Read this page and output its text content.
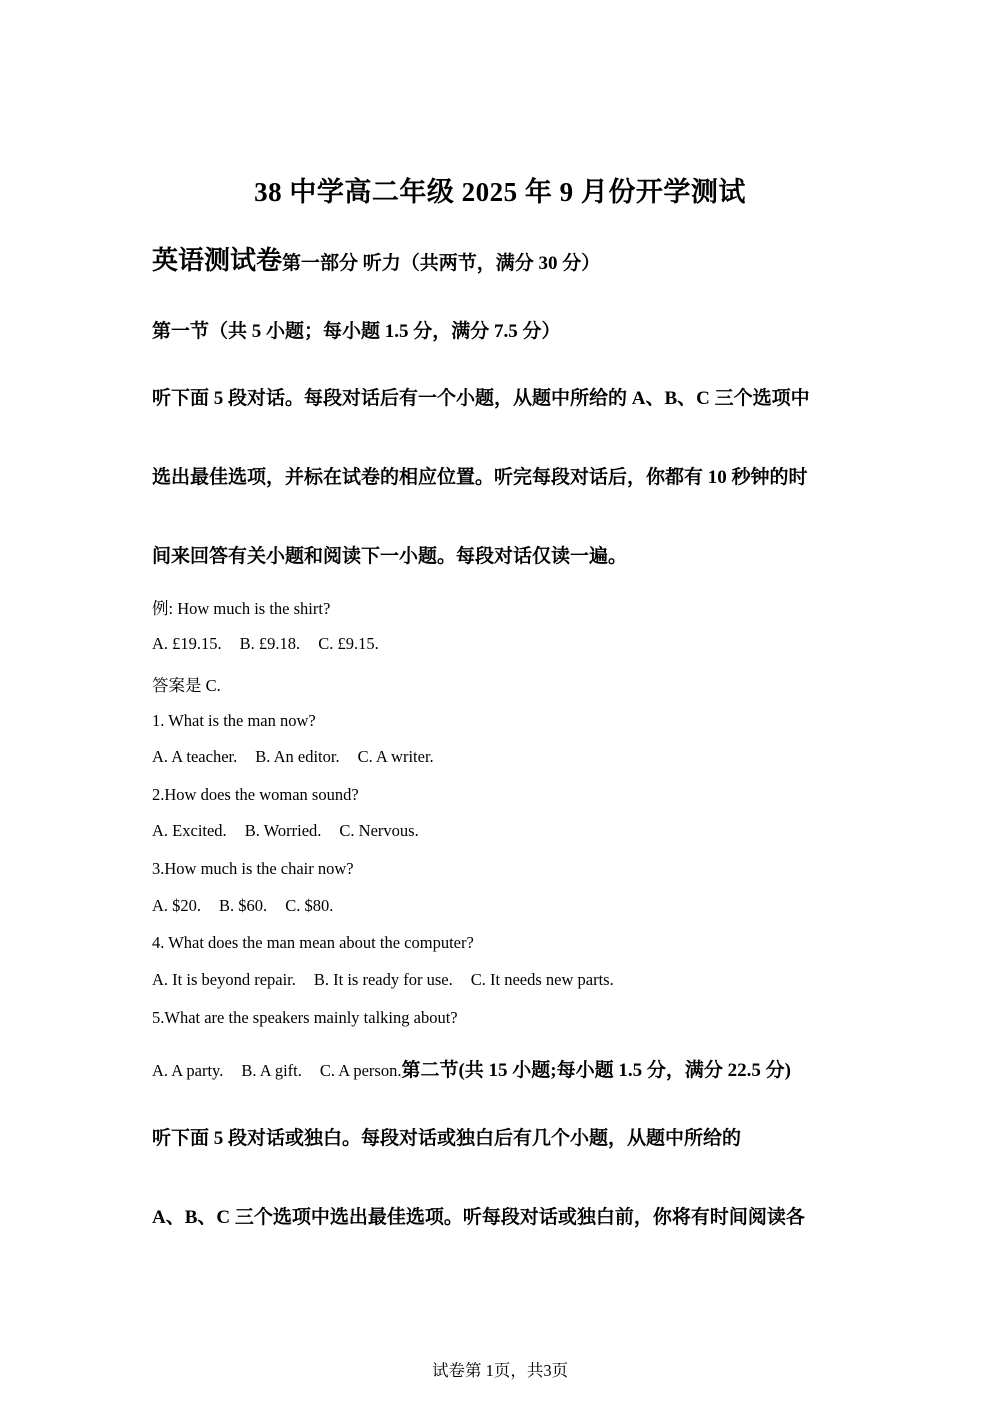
38 中学高二年级 2025 年 9 月份开学测试
英语测试卷第一部分 听力（共两节，满分 30 分）
第一节（共 5 小题；每小题 1.5 分，满分 7.5 分）
听下面 5 段对话。每段对话后有一个小题，从题中所给的 A、B、C 三个选项中
选出最佳选项，并标在试卷的相应位置。听完每段对话后，你都有 10 秒钟的时
间来回答有关小题和阅读下一小题。每段对话仅读一遍。
例: How much is the shirt?
A. £19.15. B. £9.18. C. £9.15.
答案是 C.
1. What is the man now?
A. A teacher. B. An editor. C. A writer.
2.How does the woman sound?
A. Excited. B. Worried. C. Nervous.
3.How much is the chair now?
A. $20. B. $60. C. $80.
4. What does the man mean about the computer?
A. It is beyond repair. B. It is ready for use. C. It needs new parts.
5.What are the speakers mainly talking about?
A. A party. B. A gift. C. A person.第二节(共 15 小题;每小题 1.5 分，满分 22.5 分)
听下面 5 段对话或独白。每段对话或独白后有几个小题，从题中所给的
A、B、C 三个选项中选出最佳选项。听每段对话或独白前，你将有时间阅读各
试卷第 1页，共3页
